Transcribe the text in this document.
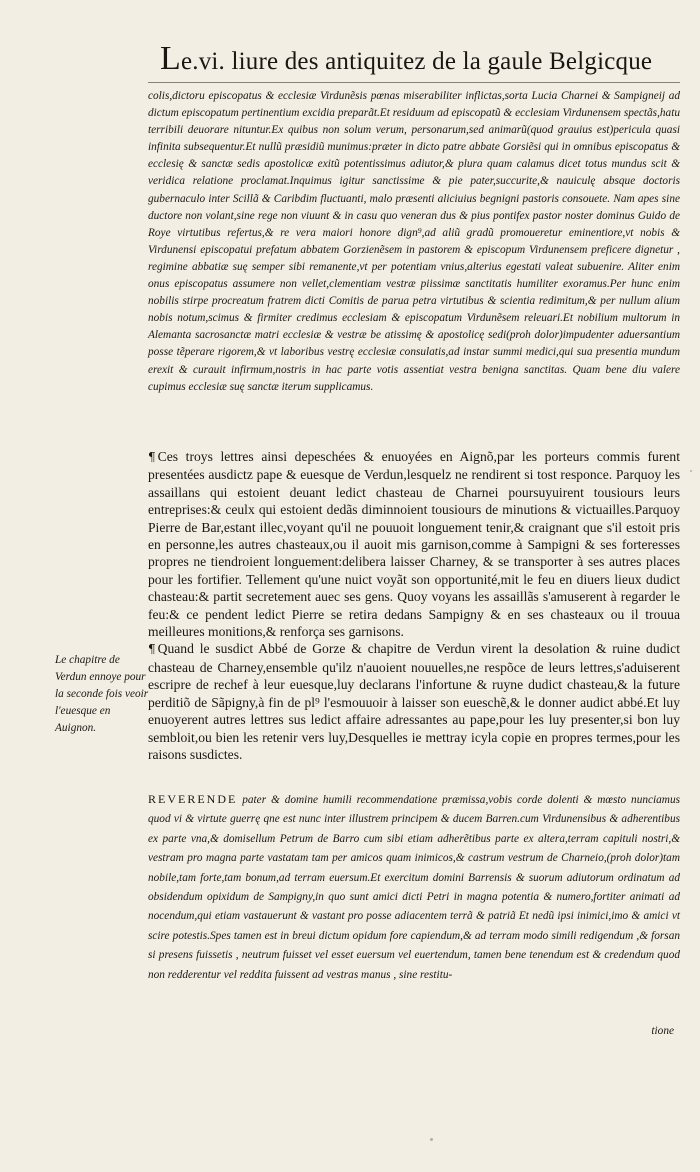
Le.vi. liure des antiquitez de la gaule Belgicque

colis,dictoru episcopatus & ecclesiæ Virdunẽsis pœnas miserabiliter inflictas,sorta Lucia Charnei & Sampigneij ad dictum episcopatum pertinentium excidia preparãt.Et residuum ad episcopatũ & ecclesiam Virdunensem spectãs,hatu terribili deuorare nituntur.Ex quibus non solum verum, personarum,sed animarũ(quod grauius est)pericula quasi infinita subsequentur.Et nullũ præsidiũ munimus:præter in dicto patre abbate Gorsiẽsi qui in omnibus episcopatus & ecclesię & sanctæ sedis apostolicæ exitũ potentissimus adiutor,& plura quam calamus dicet totus mundus scit & veridica relatione proclamat.Inquimus igitur sanctissime & pie pater,succurite,& nauiculę absque doctoris gubernaculo inter Scillã & Caribdim fluctuanti, malo præsenti aliciuius begnigni pastoris consouete. Nam apes sine ductore non volant,sine rege non viuunt & in casu quo veneran dus & pius pontifex pastor noster dominus Guido de Roye virtutibus refertus,& re vera maiori honore dign⁹,ad aliũ gradũ promoueretur eminentiore,vt nobis & Virdunensi episcopatui prefatum abbatem Gorzienẽsem in pastorem & episcopum Virdunensem preficere dignetur , regimine abbatiæ suę semper sibi remanente,vt per potentiam vnius,alterius egestati valeat subuenire. Aliter enim onus episcopatus assumere non vellet,clementiam vestræ piissimæ sanctitatis humiliter exoramus.Per hunc enim nobilis stirpe procreatum fratrem dicti Comitis de parua petra virtutibus & scientia redimitum,& per nullum alium nobis notum,scimus & firmiter credimus ecclesiam & episcopatum Virdunẽsem releuari.Et nobilium multorum in Alemanta sacrosanctæ matri ecclesiæ & vestræ be atissimę & apostolicę sedi(proh dolor)impudenter aduersantium posse tẽperare rigorem,& vt laboribus vestrę ecclesiæ consulatis,ad instar summi medici,qui sua presentia mundum erexit & curauit infirmum,nostris in hac parte votis assentiat vestra benigna sanctitas. Quam bene diu valere cupimus ecclesiæ suę sanctæ iterum supplicamus.

¶ Ces troys lettres ainsi depeschées & enuoyées en Aignõ,par les porteurs commis furent presentées ausdictz pape & euesque de Verdun,lesquelz ne rendirent si tost responce. Parquoy les assaillans qui estoient deuant ledict chasteau de Charnei poursuyuirent tousiours leurs entreprises:& ceulx qui estoient dedãs diminnoient tousiours de minutions & victuailles.Parquoy Pierre de Bar,estant illec,voyant qu'il ne pouuoit longuement tenir,& craignant que s'il estoit pris en personne,les autres chasteaux,ou il auoit mis garnison,comme à Sampigni & ses forteresses propres ne tiendroient longuement:delibera laisser Charney, & se transporter à ses autres places pour les fortifier. Tellement qu'une nuict voyãt son opportunité,mit le feu en diuers lieux dudict chasteau:& partit secretement auec ses gens. Quoy voyans les assaillãs s'amuserent à regarder le feu:& ce pendent ledict Pierre se retira dedans Sampigny & en ses chasteaux ou il trouua meilleures monitions,& renforça ses garnisons.

¶ Quand le susdict Abbé de Gorze & chapitre de Verdun virent la desolation & ruine dudict chasteau de Charney,ensemble qu'ilz n'auoient nouuelles,ne respõce de leurs lettres,s'aduiserent escripre de rechef à leur euesque,luy declarans l'infortune & ruyne dudict chasteau,& la future perditiõ de Sãpigny,à fin de pl⁹ l'esmouuoir à laisser son eueschẽ,& le donner audict abbé.Et luy enuoyerent autres lettres sus ledict affaire adressantes au pape,pour les luy presenter,si bon luy sembloit,ou bien les retenir vers luy,Desquelles ie mettray icyla copie en propres termes,pour les raisons susdictes.

Le chapitre de Verdun ennoye pour la seconde fois veoir l'euesque en Auignon.

REVERENDE pater & domine humili recommendatione præmissa,vobis corde dolenti & mœsto nunciamus quod vi & virtute guerrę qne est nunc inter illustrem principem & ducem Barren.cum Virdunensibus & adherentibus ex parte vna,& domisellum Petrum de Barro cum sibi etiam adherẽtibus parte ex altera,terram capituli nostri,& vestram pro magna parte vastatam tam per amicos quam inimicos,& castrum vestrum de Charneio,(proh dolor)tam nobile,tam forte,tam bonum,ad terram euersum.Et exercitum domini Barrensis & suorum adiutorum ordinatum ad obsidendum opixidum de Sampigny,in quo sunt amici dicti Petri in magna potentia & numero,fortiter animati ad nocendum,qui etiam vastauerunt & vastant pro posse adiacentem terrã & patriã Et nedũ ipsi inimici,imo & amici vt scire potestis.Spes tamen est in breui dictum opidum fore capiendum,& ad terram modo simili redigendum ,& forsan si presens fuissetis , neutrum fuisset vel esset euersum vel euertendum, tamen bene tenendum est & credendum quod non redderentur vel reddita fuissent ad vestras manus , sine restitu-

tione
